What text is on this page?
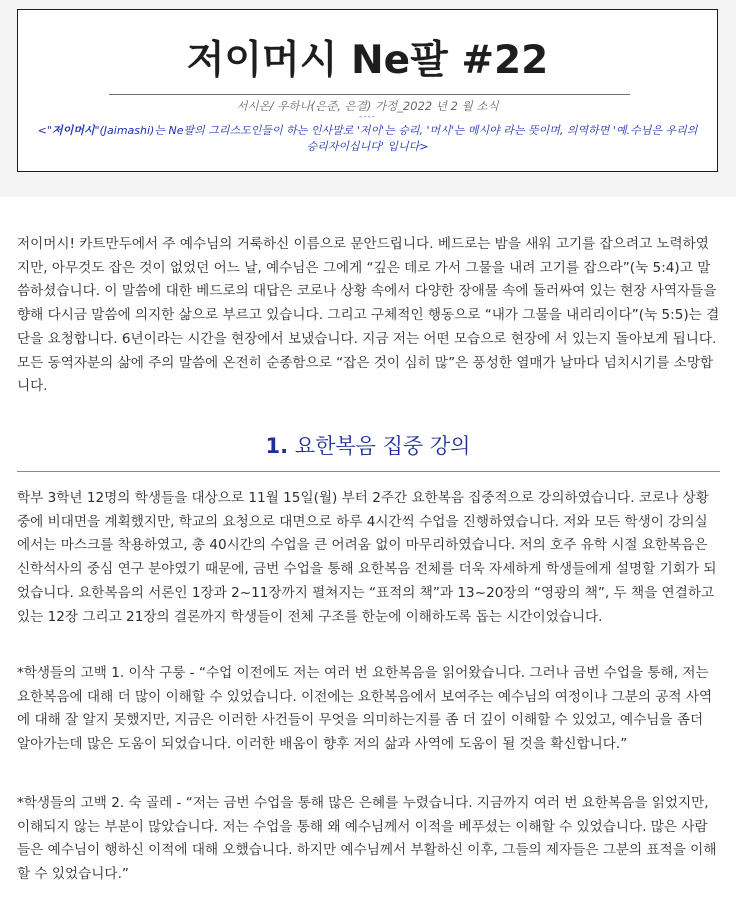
저이머시 Ne팔 #22
서시온/ 우하나(은준, 은결) 가정_2022 년 2 월 소식
----
<"저이머시"(Jaimashi)는 Ne팔의 그리스도인들이 하는 인사말로 '저이'는 승리, '머시'는 메시야 라는 뜻이며, 의역하면 '예.수님은 우리의 승리자이십니다' 입니다>

저이머시! 카트만두에서 주 예수님의 거룩하신 이름으로 문안드립니다. 베드로는 밤을 새워 고기를 잡으려고 노력하였지만, 아무것도 잡은 것이 없었던 어느 날, 예수님은 그에게 “깊은 데로 가서 그물을 내려 고기를 잡으라”(눅 5:4)고 말씀하셨습니다. 이 말씀에 대한 베드로의 대답은 코로나 상황 속에서 다양한 장애물 속에 둘러싸여 있는 현장 사역자들을 향해 다시금 말씀에 의지한 삶으로 부르고 있습니다. 그리고 구체적인 행동으로 “내가 그물을 내리리이다”(눅 5:5)는 결단을 요청합니다. 6년이라는 시간을 현장에서 보냈습니다. 지금 저는 어떤 모습으로 현장에 서 있는지 돌아보게 됩니다. 모든 동역자분의 삶에 주의 말씀에 온전히 순종함으로 “잡은 것이 심히 많”은 풍성한 열매가 날마다 넘치시기를 소망합니다.

1. 요한복음 집중 강의

학부 3학년 12명의 학생들을 대상으로 11월 15일(월) 부터 2주간 요한복음 집중적으로 강의하였습니다. 코로나 상황 중에 비대면을 계획했지만, 학교의 요청으로 대면으로 하루 4시간씩 수업을 진행하였습니다. 저와 모든 학생이 강의실에서는 마스크를 착용하였고, 총 40시간의 수업을 큰 어려움 없이 마무리하였습니다. 저의 호주 유학 시절 요한복음은 신학석사의 중심 연구 분야였기 때문에, 금번 수업을 통해 요한복음 전체를 더욱 자세하게 학생들에게 설명할 기회가 되었습니다. 요한복음의 서론인 1장과 2~11장까지 펼쳐지는 “표적의 책”과 13~20장의 “영광의 책”, 두 책을 연결하고 있는 12장 그리고 21장의 결론까지 학생들이 전체 구조를 한눈에 이해하도록 돕는 시간이었습니다.

*학생들의 고백 1. 이삭 구룽 - “수업 이전에도 저는 여러 번 요한복음을 읽어왔습니다. 그러나 금번 수업을 통해, 저는 요한복음에 대해 더 많이 이해할 수 있었습니다. 이전에는 요한복음에서 보여주는 예수님의 여정이나 그분의 공적 사역에 대해 잘 알지 못했지만, 지금은 이러한 사건들이 무엇을 의미하는지를 좀 더 깊이 이해할 수 있었고, 예수님을 좀더 알아가는데 많은 도움이 되었습니다. 이러한 배움이 향후 저의 삶과 사역에 도움이 될 것을 확신합니다.”

*학생들의 고백 2. 숙 골레 - “저는 금번 수업을 통해 많은 은혜를 누렸습니다. 지금까지 여러 번 요한복음을 읽었지만, 이해되지 않는 부분이 많았습니다. 저는 수업을 통해 왜 예수님께서 이적을 베푸셨는 이해할 수 있었습니다. 많은 사람들은 예수님이 행하신 이적에 대해 오했습니다. 하지만 예수님께서 부활하신 이후, 그들의 제자들은 그분의 표적을 이해할 수 있었습니다.”
